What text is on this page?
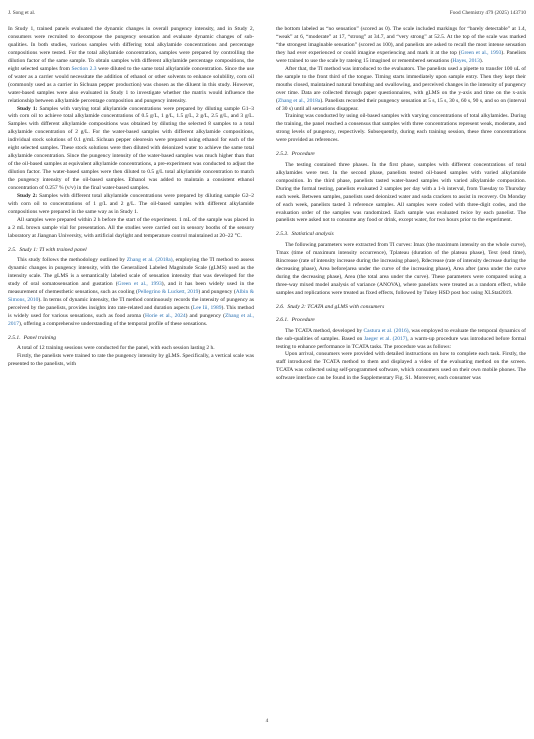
J. Song et al.	Food Chemistry 479 (2025) 143710

In Study 1, trained panels evaluated the dynamic changes in overall pungency intensity, and in Study 2, consumers were recruited to decompose the pungency sensation and evaluate dynamic changes of sub-qualities. In both studies, various samples with differing total alkylamide concentrations and percentage compositions were tested. For the total alkylamide concentration, samples were prepared by controlling the dilution factor of the same sample. To obtain samples with different alkylamide percentage compositions, the eight selected samples from Section 2.3 were diluted to the same total alkylamide concentration. Since the use of water as a carrier would necessitate the addition of ethanol or other solvents to enhance solubility, corn oil (commonly used as a carrier in Sichuan pepper production) was chosen as the diluent in this study. However, water-based samples were also evaluated in Study 1 to investigate whether the matrix would influence the relationship between alkylamide percentage composition and pungency intensity.

Study 1: Samples with varying total alkylamide concentrations were prepared by diluting sample G1–3 with corn oil to achieve total alkylamide concentrations of 0.5 g/L, 1 g/L, 1.5 g/L, 2 g/L, 2.5 g/L, and 3 g/L. Samples with different alkylamide compositions was obtained by diluting the selected 8 samples to a total alkylamide concentration of 2 g/L. For the water-based samples with different alkylamide compositions, individual stock solutions of 0.1 g/mL Sichuan pepper oleoresin were prepared using ethanol for each of the eight selected samples. These stock solutions were then diluted with deionized water to achieve the same total alkylamide concentration. Since the pungency intensity of the water-based samples was much higher than that of the oil-based samples at equivalent alkylamide concentrations, a pre-experiment was conducted to adjust the dilution factor. The water-based samples were then diluted to 0.5 g/L total alkylamide concentration to match the pungency intensity of the oil-based samples. Ethanol was added to maintain a consistent ethanol concentration of 0.257 % (v/v) in the final water-based samples.

Study 2: Samples with different total alkylamide concentrations were prepared by diluting sample G2–2 with corn oil to concentrations of 1 g/L and 2 g/L. The oil-based samples with different alkylamide compositions were prepared in the same way as in Study 1.

All samples were prepared within 2 h before the start of the experiment. 1 mL of the sample was placed in a 2 mL brown sample vial for presentation. All the studies were carried out in sensory booths of the sensory laboratory at Jiangnan University, with artificial daylight and temperature control maintained at 20–22 °C.

2.5. Study 1: TI with trained panel

This study follows the methodology outlined by Zhang et al. (2018a), employing the TI method to assess dynamic changes in pungency intensity, with the Generalized Labeled Magnitude Scale (gLMS) used as the intensity scale. The gLMS is a semantically labeled scale of sensation intensity that was developed for the study of oral somatosensation and gustation (Green et al., 1993), and it has been widely used in the measurement of chemesthetic sensations, such as cooling (Pellegrino & Luckett, 2019) and pungency (Albin & Simons, 2010). In terms of dynamic intensity, the TI method continuously records the intensity of pungency as perceived by the panelists, provides insights into rate-related and duration aspects (Lee Iii, 1989). This method is widely used for various sensations, such as food aroma (Horie et al., 2024) and pungency (Zhang et al., 2017), offering a comprehensive understanding of the temporal profile of these sensations.

2.5.1. Panel training

A total of 12 training sessions were conducted for the panel, with each session lasting 2 h.

Firstly, the panelists were trained to rate the pungency intensity by gLMS. Specifically, a vertical scale was presented to the panelists, with

the bottom labeled as “no sensation” (scored as 0). The scale included markings for “barely detectable” at 1.4, “weak” at 6, “moderate” at 17, “strong” at 34.7, and “very strong” at 52.5. At the top of the scale was marked “the strongest imaginable sensation” (scored as 100), and panelists are asked to recall the most intense sensation they had ever experienced or could imagine experiencing and mark it at the top (Green et al., 1993). Panelists were trained to use the scale by rateing 15 imagined or remembered sensations (Hayes, 2013).

After that, the TI method was introduced to the evaluators. The panelists used a pipette to transfer 100 uL of the sample to the front third of the tongue. Timing starts immediately upon sample entry. Then they kept their mouths closed, maintained natural breathing and swallowing, and perceived changes in the intensity of pungency over time. Data are collected through paper questionnaires, with gLMS on the y-axis and time on the x-axis (Zhang et al., 2018a). Panelists recorded their pungency sensation at 5 s, 15 s, 30 s, 60 s, 90 s, and so on (interval of 30 s) until all sensations disappear.

Training was conducted by using oil-based samples with varying concentrations of total alkylamides. During the training, the panel reached a consensus that samples with three concentrations represent weak, moderate, and strong levels of pungency, respectively. Subsequently, during each training session, these three concentrations were provided as references.

2.5.2. Procedure

The testing contained three phases. In the first phase, samples with different concentrations of total alkylamides were test. In the second phase, panelists tested oil-based samples with varied alkylamide composition. In the third phase, panelists tasted water-based samples with varied alkylamide composition. During the formal testing, panelists evaluated 2 samples per day with a 1-h interval, from Tuesday to Thursday each week. Between samples, panelists used deionized water and soda crackers to assist in recovery. On Monday of each week, panelists tasted 3 reference samples. All samples were coded with three-digit codes, and the evaluation order of the samples was randomized. Each sample was evaluated twice by each panelist. The panelists were asked not to consume any food or drink, except water, for two hours prior to the experiment.

2.5.3. Statistical analysis

The following parameters were extracted from TI curves: Imax (the maximum intensity on the whole curve), Tmax (time of maximum intensity occurrence), Tplateau (duration of the plateau phase), Text (end time), Rincrease (rate of intensity increase during the increasing phase), Rdecrease (rate of intensity decrease during the decreasing phase), Area before(area under the curve of the increasing phase), Area after (area under the curve during the decreasing phase), Area (the total area under the curve). These parameters were compared using a three-way mixed model analysis of variance (ANOVA), where panelists were treated as a random effect, while samples and replications were treated as fixed effects, followed by Tukey HSD post hoc using XLStat2019.

2.6. Study 2: TCATA and gLMS with consumers
2.6.1. Procedure

The TCATA method, developed by Castura et al. (2016), was employed to evaluate the temporal dynamics of the sub-qualities of samples. Based on Jaeger et al. (2017), a warm-up procedure was introduced before formal testing to enhance performance in TCATA tasks. The procedure was as follows:

Upon arrival, consumers were provided with detailed instructions on how to complete each task. Firstly, the staff introduced the TCATA method to them and displayed a video of the evaluating method on the screen. TCATA was collected using self-programmed software, which consumers used on their own mobile phones. The software interface can be found in the Supplementary Fig. S1. Moreover, each consumer was

4
